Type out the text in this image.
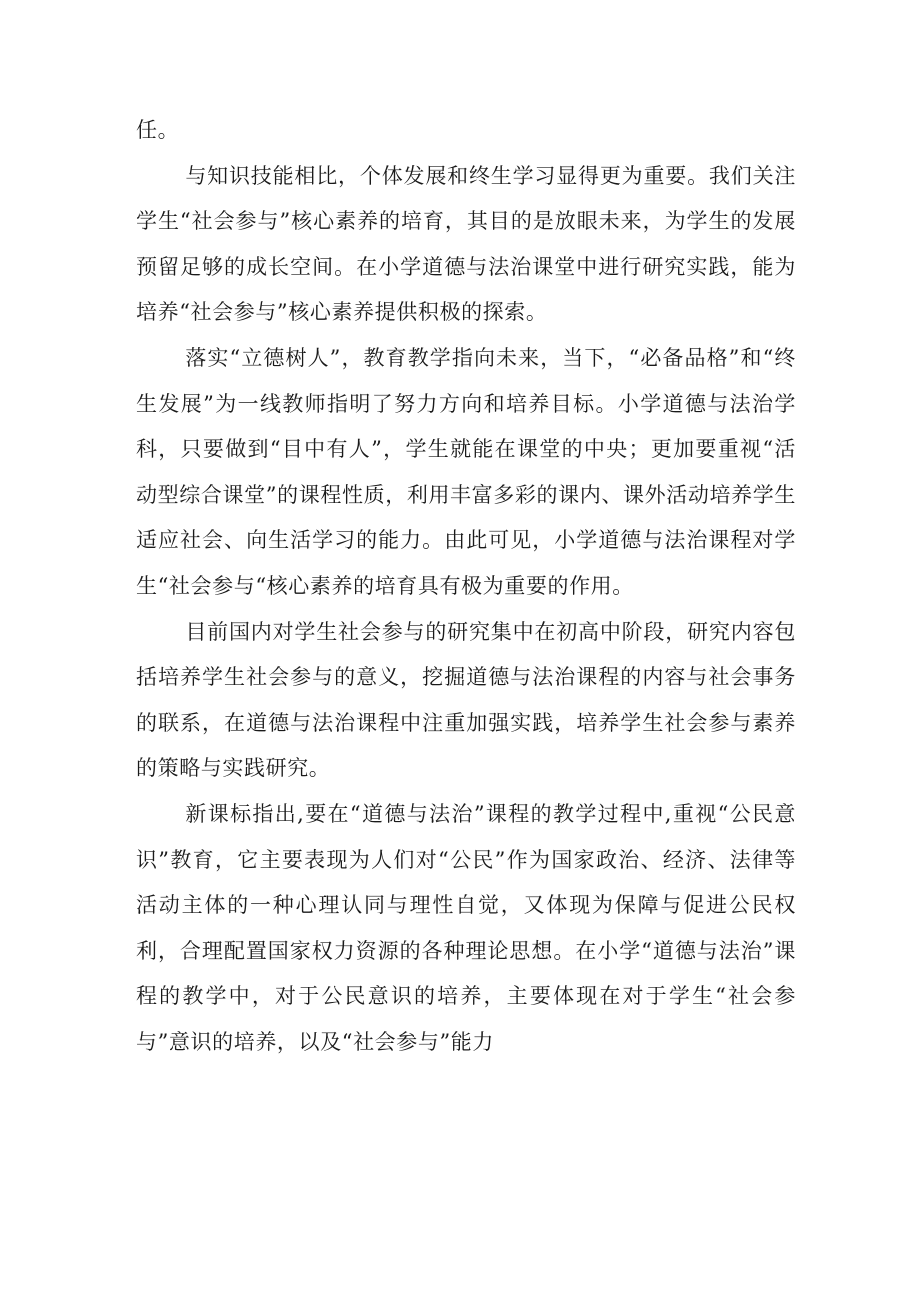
任。

与知识技能相比，个体发展和终生学习显得更为重要。我们关注学生“社会参与”核心素养的培育，其目的是放眼未来，为学生的发展预留足够的成长空间。在小学道德与法治课堂中进行研究实践，能为培养“社会参与”核心素养提供积极的探索。

落实“立德树人”，教育教学指向未来，当下，“必备品格”和“终生发展”为一线教师指明了努力方向和培养目标。小学道德与法治学科，只要做到“目中有人”，学生就能在课堂的中央；更加要重视“活动型综合课堂”的课程性质，利用丰富多彩的课内、课外活动培养学生适应社会、向生活学习的能力。由此可见，小学道德与法治课程对学生“社会参与“核心素养的培育具有极为重要的作用。

目前国内对学生社会参与的研究集中在初高中阶段，研究内容包括培养学生社会参与的意义，挖掘道德与法治课程的内容与社会事务的联系，在道德与法治课程中注重加强实践，培养学生社会参与素养的策略与实践研究。

新课标指出,要在“道德与法治”课程的教学过程中,重视“公民意识”教育，它主要表现为人们对“公民”作为国家政治、经济、法律等活动主体的一种心理认同与理性自觉，又体现为保障与促进公民权利，合理配置国家权力资源的各种理论思想。在小学“道德与法治”课程的教学中，对于公民意识的培养，主要体现在对于学生“社会参与”意识的培养，以及“社会参与”能力
